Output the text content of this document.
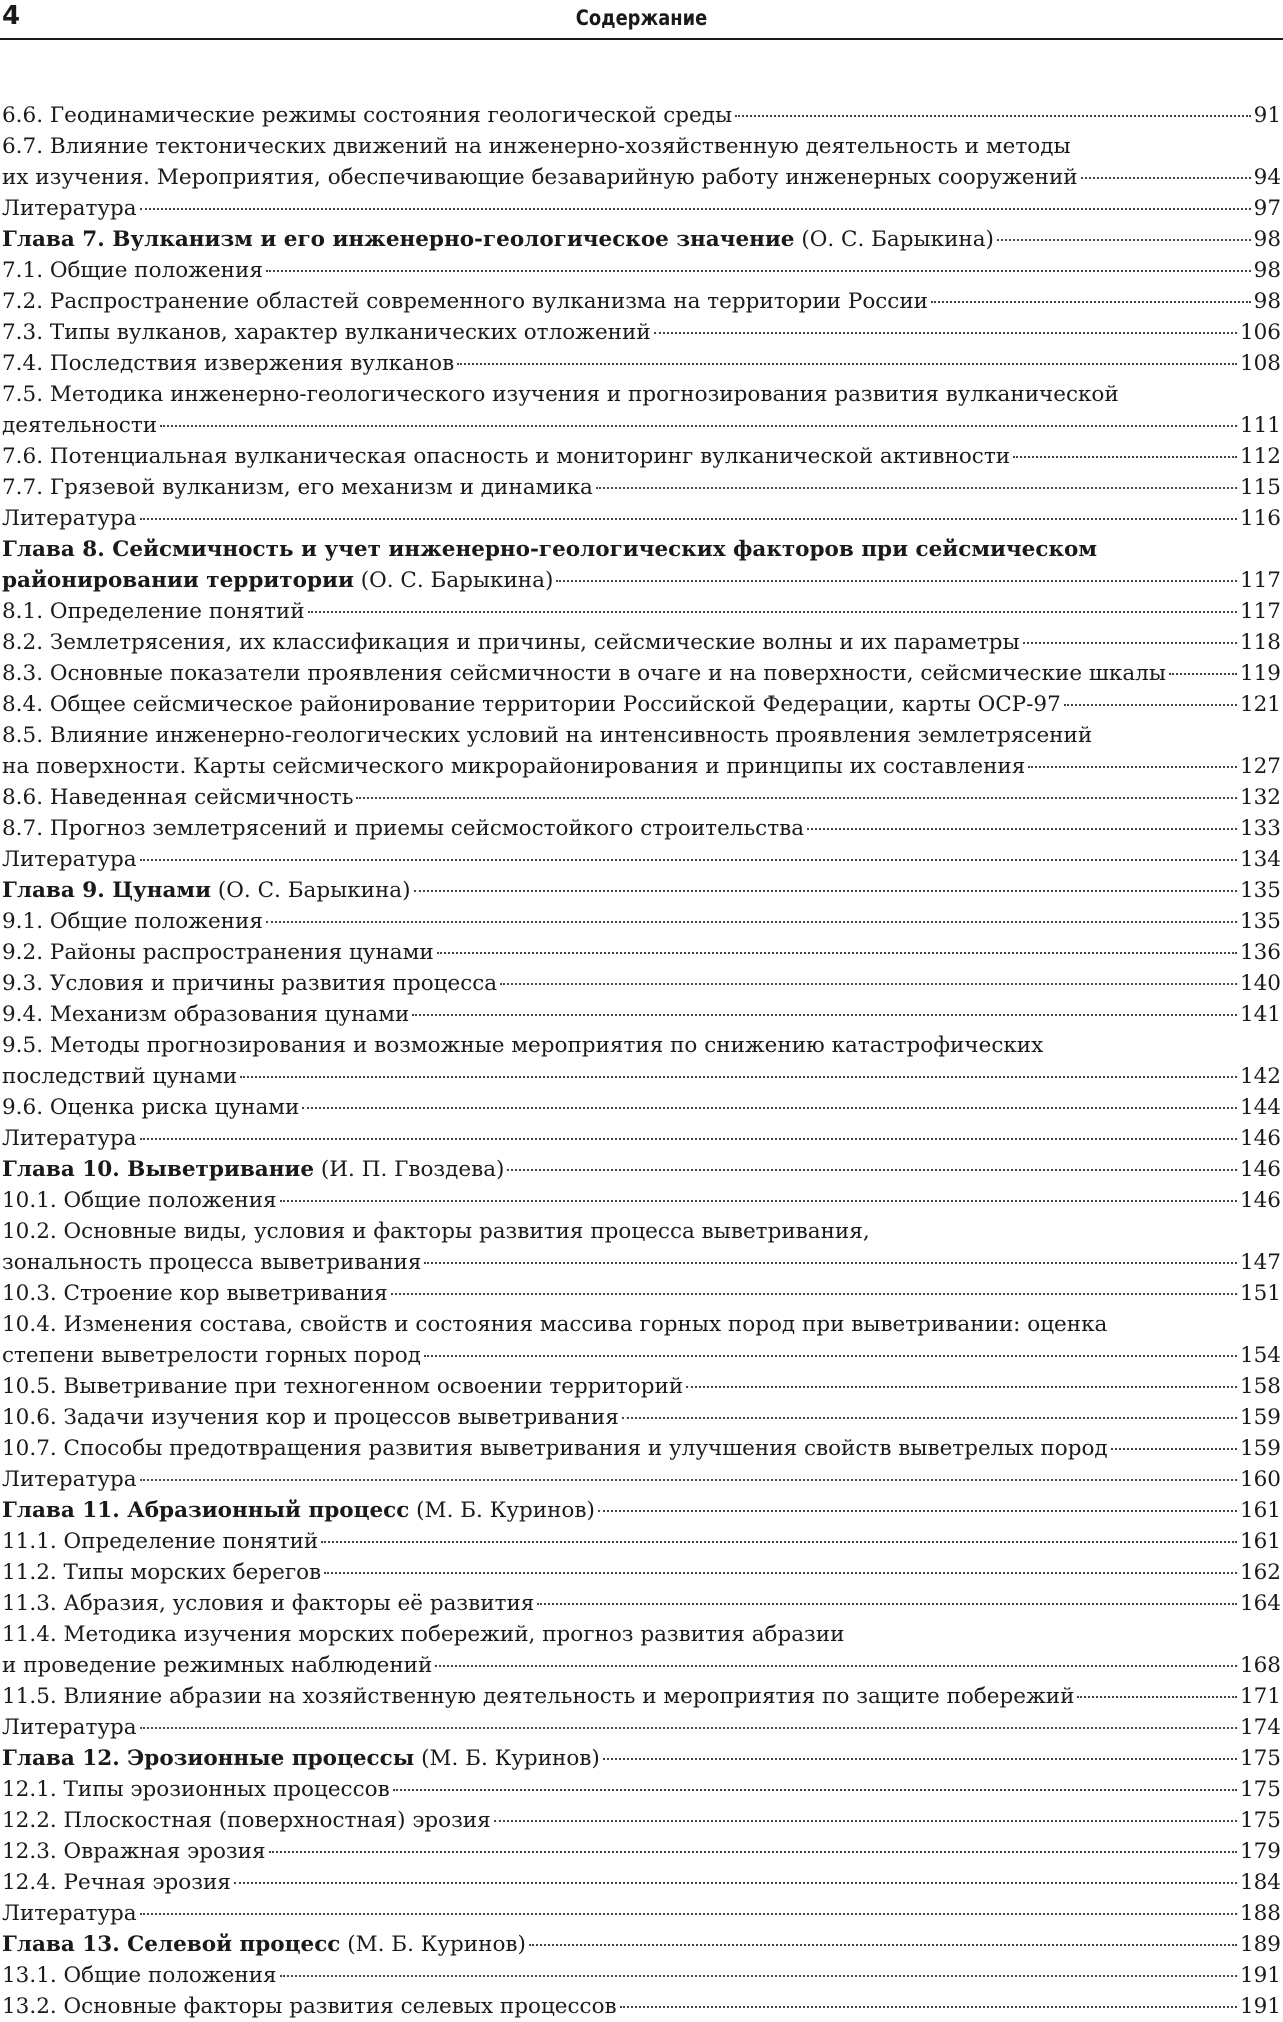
4	Содержание
6.6. Геодинамические режимы состояния геологической среды	91
6.7. Влияние тектонических движений на инженерно-хозяйственную деятельность и методы
их изучения. Мероприятия, обеспечивающие безаварийную работу инженерных сооружений	94
Литература	97
Глава 7. Вулканизм и его инженерно-геологическое значение (О. С. Барыкина)	98
7.1. Общие положения	98
7.2. Распространение областей современного вулканизма на территории России	98
7.3. Типы вулканов, характер вулканических отложений	106
7.4. Последствия извержения вулканов	108
7.5. Методика инженерно-геологического изучения и прогнозирования развития вулканической
деятельности	111
7.6. Потенциальная вулканическая опасность и мониторинг вулканической активности	112
7.7. Грязевой вулканизм, его механизм и динамика	115
Литература	116
Глава 8. Сейсмичность и учет инженерно-геологических факторов при сейсмическом
районировании территории (О. С. Барыкина)	117
8.1. Определение понятий	117
8.2. Землетрясения, их классификация и причины, сейсмические волны и их параметры	118
8.3. Основные показатели проявления сейсмичности в очаге и на поверхности, сейсмические шкалы	119
8.4. Общее сейсмическое районирование территории Российской Федерации, карты ОСР-97	121
8.5. Влияние инженерно-геологических условий на интенсивность проявления землетрясений
на поверхности. Карты сейсмического микрорайонирования и принципы их составления	127
8.6. Наведенная сейсмичность	132
8.7. Прогноз землетрясений и приемы сейсмостойкого строительства	133
Литература	134
Глава 9. Цунами (О. С. Барыкина)	135
9.1. Общие положения	135
9.2. Районы распространения цунами	136
9.3. Условия и причины развития процесса	140
9.4. Механизм образования цунами	141
9.5. Методы прогнозирования и возможные мероприятия по снижению катастрофических
последствий цунами	142
9.6. Оценка риска цунами	144
Литература	146
Глава 10. Выветривание (И. П. Гвоздева)	146
10.1. Общие положения	146
10.2. Основные виды, условия и факторы развития процесса выветривания,
зональность процесса выветривания	147
10.3. Строение кор выветривания	151
10.4. Изменения состава, свойств и состояния массива горных пород при выветривании: оценка
степени выветрелости горных пород	154
10.5. Выветривание при техногенном освоении территорий	158
10.6. Задачи изучения кор и процессов выветривания	159
10.7. Способы предотвращения развития выветривания и улучшения свойств выветрелых пород	159
Литература	160
Глава 11. Абразионный процесс (М. Б. Куринов)	161
11.1. Определение понятий	161
11.2. Типы морских берегов	162
11.3. Абразия, условия и факторы её развития	164
11.4. Методика изучения морских побережий, прогноз развития абразии
и проведение режимных наблюдений	168
11.5. Влияние абразии на хозяйственную деятельность и мероприятия по защите побережий	171
Литература	174
Глава 12. Эрозионные процессы (М. Б. Куринов)	175
12.1. Типы эрозионных процессов	175
12.2. Плоскостная (поверхностная) эрозия	175
12.3. Овражная эрозия	179
12.4. Речная эрозия	184
Литература	188
Глава 13. Селевой процесс (М. Б. Куринов)	189
13.1. Общие положения	191
13.2. Основные факторы развития селевых процессов	191
